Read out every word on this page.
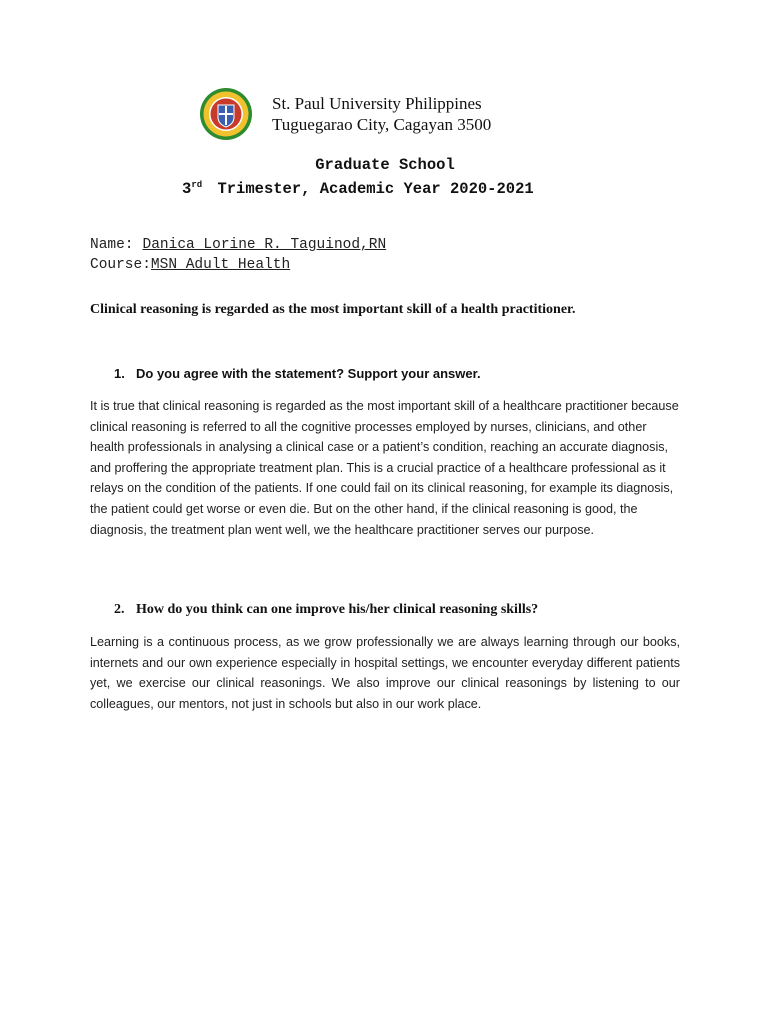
St. Paul University Philippines
Tuguegarao City, Cagayan 3500
Graduate School
3rd Trimester, Academic Year 2020-2021
Name: Danica Lorine R. Taguinod,RN
Course:MSN Adult Health
Clinical reasoning is regarded as the most important skill of a health practitioner.
1. Do you agree with the statement? Support your answer.
It is true that clinical reasoning is regarded as the most important skill of a healthcare practitioner because clinical reasoning is referred to all the cognitive processes employed by nurses, clinicians, and other health professionals in analysing a clinical case or a patient’s condition, reaching an accurate diagnosis, and proffering the appropriate treatment plan. This is a crucial practice of a healthcare professional as it relays on the condition of the patients. If one could fail on its clinical reasoning, for example its diagnosis, the patient could get worse or even die. But on the other hand, if the clinical reasoning is good, the diagnosis, the treatment plan went well, we the healthcare practitioner serves our purpose.
2. How do you think can one improve his/her clinical reasoning skills?
Learning is a continuous process, as we grow professionally we are always learning through our books, internets and our own experience especially in hospital settings, we encounter everyday different patients yet, we exercise our clinical reasonings. We also improve our clinical reasonings by listening to our colleagues, our mentors, not just in schools but also in our work place.
